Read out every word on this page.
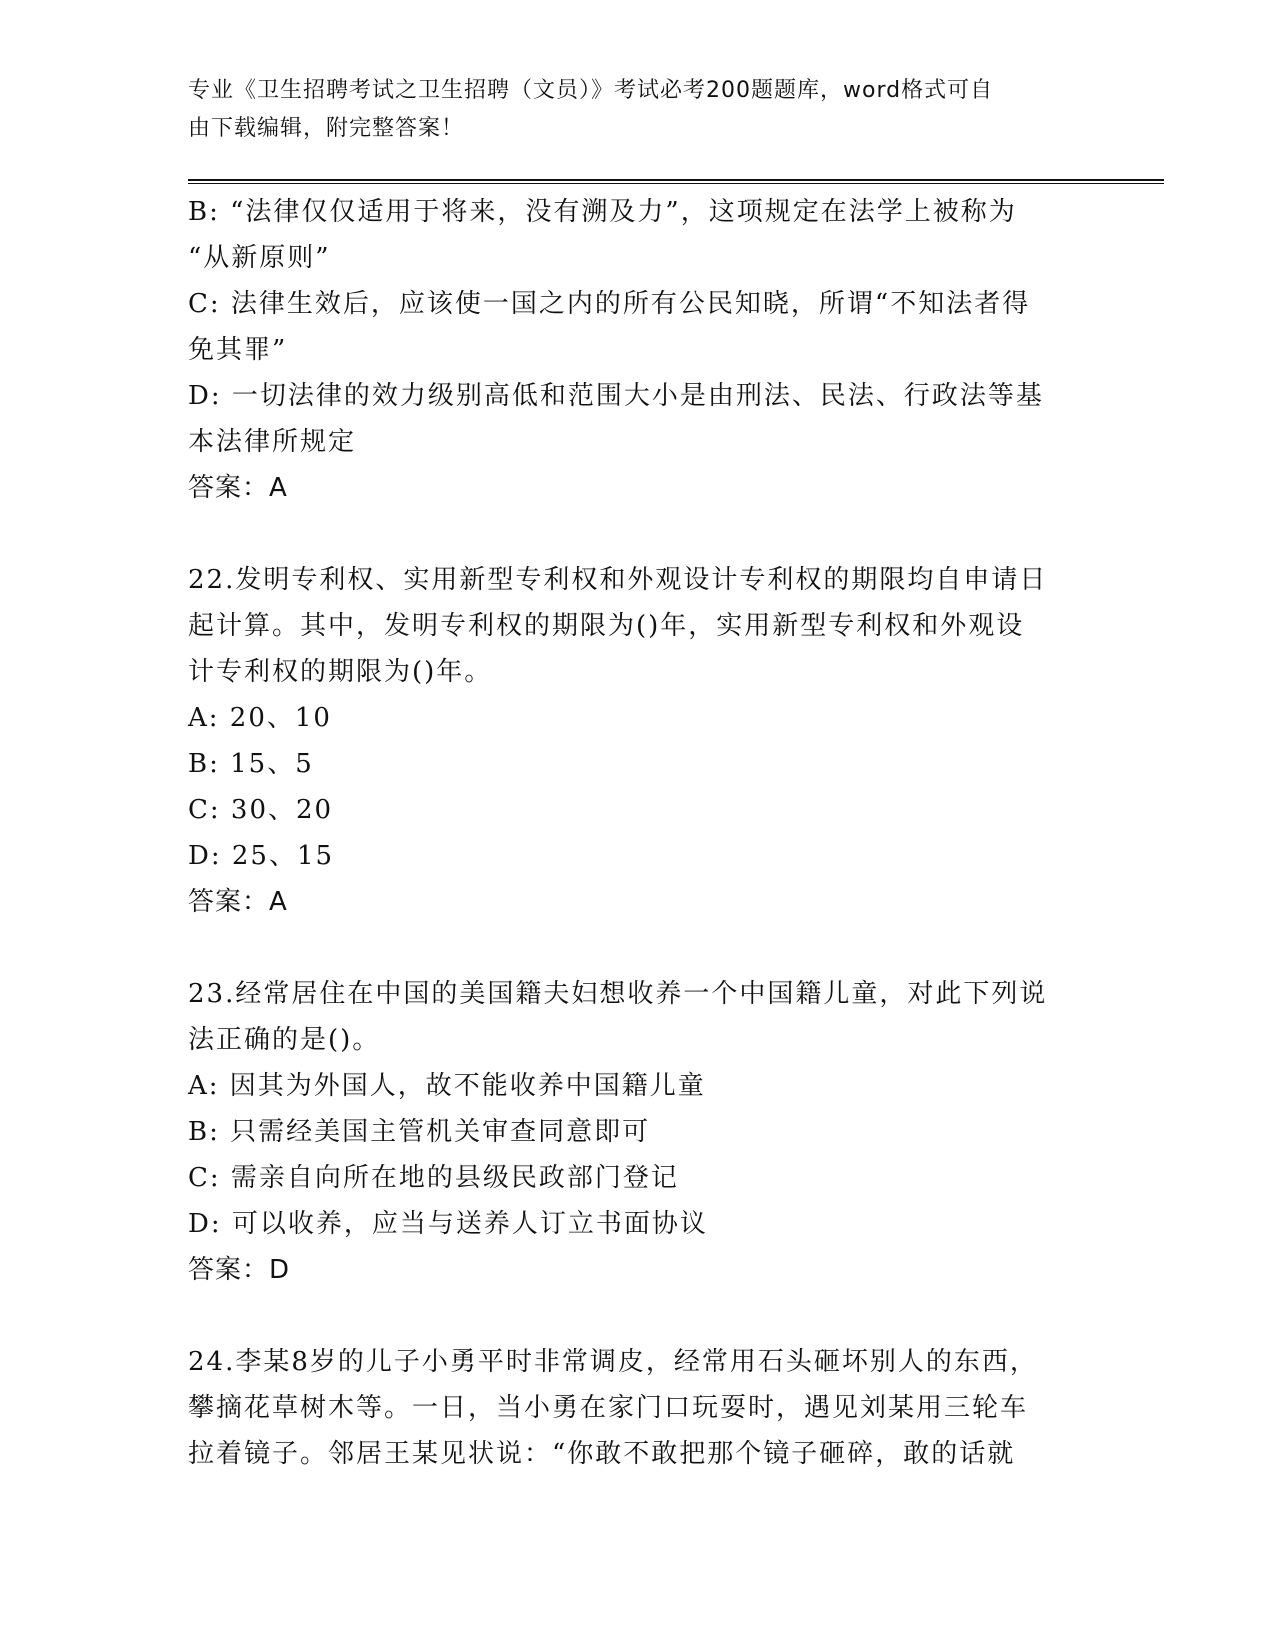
专业《卫生招聘考试之卫生招聘（文员）》考试必考200题题库，word格式可自
由下载编辑，附完整答案！
B: “法律仅仅适用于将来，没有溯及力”，这项规定在法学上被称为
“从新原则”
C: 法律生效后，应该使一国之内的所有公民知晓，所谓“不知法者得
免其罪”
D: 一切法律的效力级别高低和范围大小是由刑法、民法、行政法等基
本法律所规定
答案：A
22.发明专利权、实用新型专利权和外观设计专利权的期限均自申请日
起计算。其中，发明专利权的期限为()年，实用新型专利权和外观设
计专利权的期限为()年。
A: 20、10
B: 15、5
C: 30、20
D: 25、15
答案：A
23.经常居住在中国的美国籍夫妇想收养一个中国籍儿童，对此下列说
法正确的是()。
A: 因其为外国人，故不能收养中国籍儿童
B: 只需经美国主管机关审查同意即可
C: 需亲自向所在地的县级民政部门登记
D: 可以收养，应当与送养人订立书面协议
答案：D
24.李某8岁的儿子小勇平时非常调皮，经常用石头砸坏别人的东西，
攀摘花草树木等。一日，当小勇在家门口玩耍时，遇见刘某用三轮车
拉着镜子。邻居王某见状说：“你敢不敢把那个镜子砸碎，敢的话就
